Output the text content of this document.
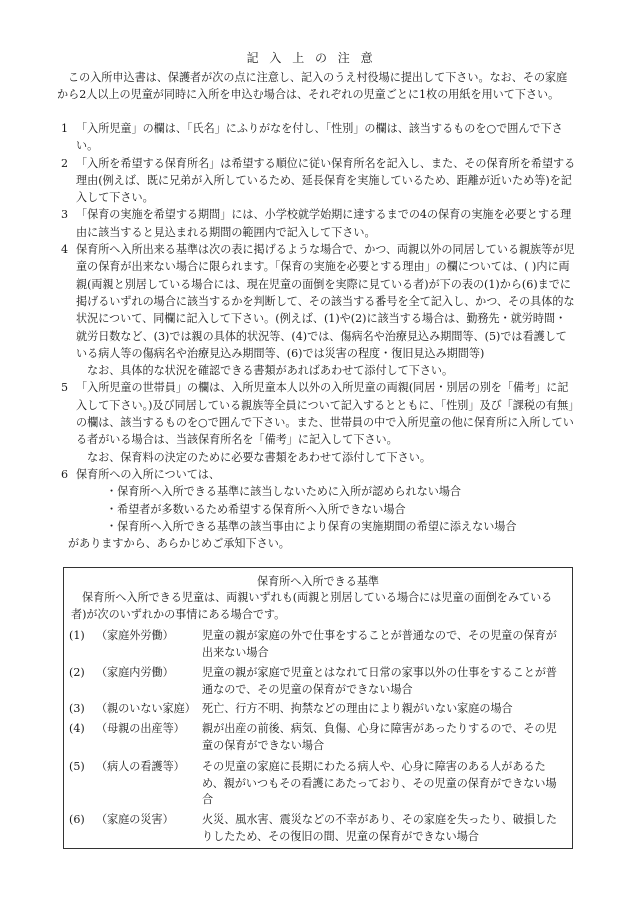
記入上の注意
この入所申込書は、保護者が次の点に注意し、記入のうえ村役場に提出して下さい。なお、その家庭から2人以上の児童が同時に入所を申込む場合は、それぞれの児童ごとに1枚の用紙を用いて下さい。
1 「入所児童」の欄は、「氏名」にふりがなを付し、「性別」の欄は、該当するものを○で囲んで下さい。
2 「入所を希望する保育所名」は希望する順位に従い保育所名を記入し、また、その保育所を希望する理由(例えば、既に兄弟が入所しているため、延長保育を実施しているため、距離が近いため等)を記入して下さい。
3 「保育の実施を希望する期間」には、小学校就学始期に達するまでの4の保育の実施を必要とする理由に該当すると見込まれる期間の範囲内で記入して下さい。
4 保育所へ入所出来る基準は次の表に掲げるような場合で、かつ、両親以外の同居している親族等が児童の保育が出来ない場合に限られます。「保育の実施を必要とする理由」の欄については、( )内に両親(両親と別居している場合には、現在児童の面倒を実際に見ている者)が下の表の(1)から(6)までに掲げるいずれの場合に該当するかを判断して、その該当する番号を全て記入し、かつ、その具体的な状況について、同欄に記入して下さい。(例えば、(1)や(2)に該当する場合は、勤務先・就労時間・就労日数など、(3)では親の具体的状況等、(4)では、傷病名や治療見込み期間等、(5)では看護している病人等の傷病名や治療見込み期間等、(6)では災害の程度・復旧見込み期間等)
なお、具体的な状況を確認できる書類があればあわせて添付して下さい。
5 「入所児童の世帯員」の欄は、入所児童本人以外の入所児童の両親(同居・別居の別を「備考」に記入して下さい。)及び同居している親族等全員について記入するとともに、「性別」及び「課税の有無」の欄は、該当するものを○で囲んで下さい。また、世帯員の中で入所児童の他に保育所に入所している者がいる場合は、当該保育所名を「備考」に記入して下さい。
なお、保育料の決定のために必要な書類をあわせて添付して下さい。
6 保育所への入所については、
・保育所へ入所できる基準に該当しないために入所が認められない場合
・希望者が多数いるため希望する保育所へ入所できない場合
・保育所へ入所できる基準の該当事由により保育の実施期間の希望に添えない場合
がありますから、あらかじめご承知下さい。
保育所へ入所できる基準
保育所へ入所できる児童は、両親いずれも(両親と別居している場合には児童の面倒をみている者)が次のいずれかの事情にある場合です。
(1) （家庭外労働）	児童の親が家庭の外で仕事をすることが普通なので、その児童の保育が出来ない場合
(2) （家庭内労働）	児童の親が家庭で児童とはなれて日常の家事以外の仕事をすることが普通なので、その児童の保育ができない場合
(3) （親のいない家庭） 死亡、行方不明、拘禁などの理由により親がいない家庭の場合
(4) （母親の出産等） 親が出産の前後、病気、負傷、心身に障害があったりするので、その児童の保育ができない場合
(5) （病人の看護等） その児童の家庭に長期にわたる病人や、心身に障害のある人があるため、親がいつもその看護にあたっており、その児童の保育ができない場合
(6) （家庭の災害）	火災、風水害、震災などの不幸があり、その家庭を失ったり、破損したりしたため、その復旧の間、児童の保育ができない場合
